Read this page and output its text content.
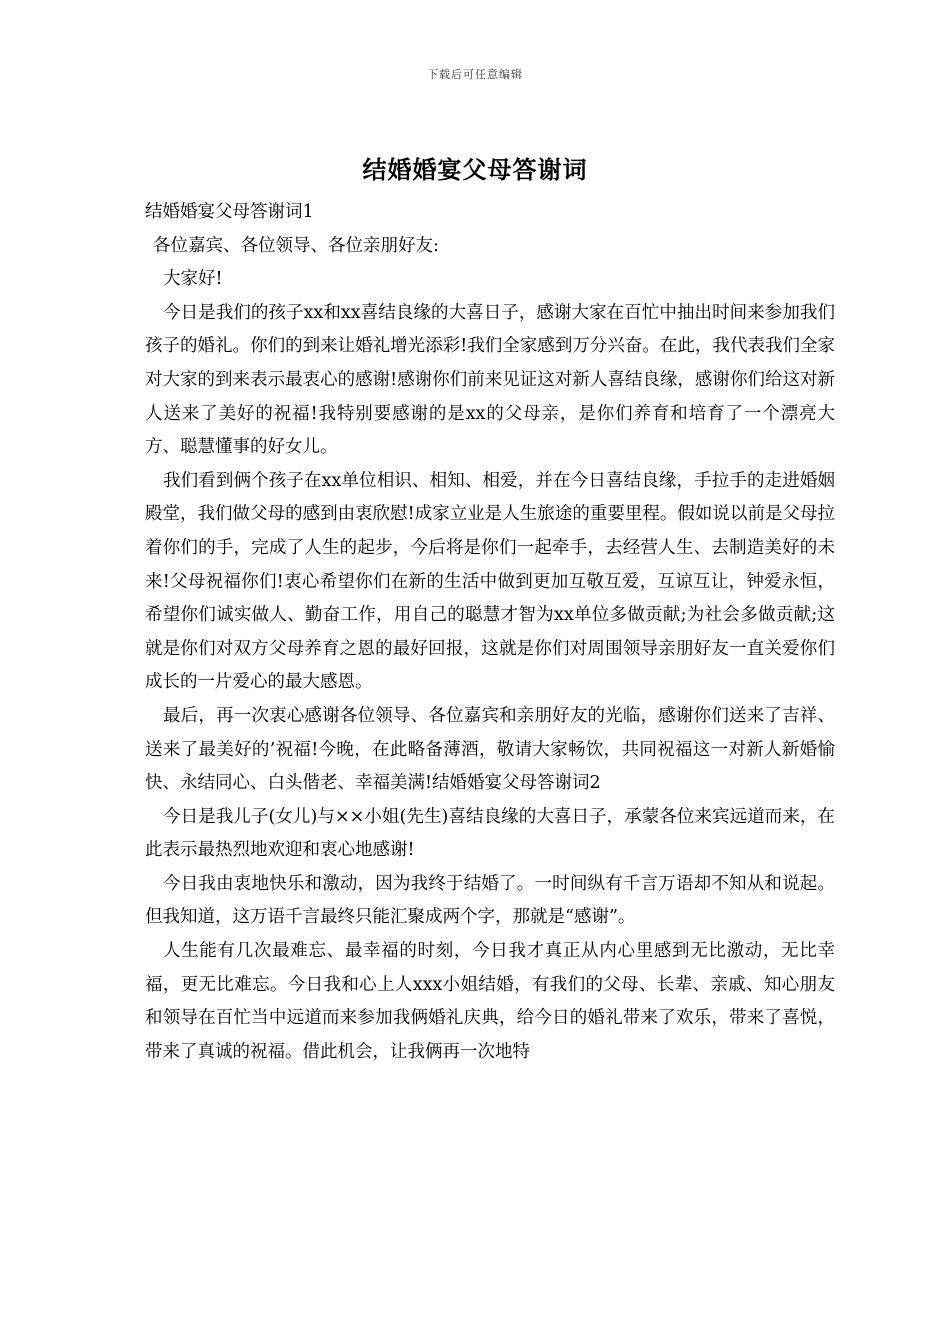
下载后可任意编辑
结婚婚宴父母答谢词

结婚婚宴父母答谢词1

各位嘉宾、各位领导、各位亲朋好友:

大家好!

今日是我们的孩子xx和xx喜结良缘的大喜日子，感谢大家在百忙中抽出时间来参加我们孩子的婚礼。你们的到来让婚礼增光添彩!我们全家感到万分兴奋。在此，我代表我们全家对大家的到来表示最衷心的感谢!感谢你们前来见证这对新人喜结良缘，感谢你们给这对新人送来了美好的祝福!我特别要感谢的是xx的父母亲，是你们养育和培育了一个漂亮大方、聪慧懂事的好女儿。

我们看到俩个孩子在xx单位相识、相知、相爱，并在今日喜结良缘，手拉手的走进婚姻殿堂，我们做父母的感到由衷欣慰!成家立业是人生旅途的重要里程。假如说以前是父母拉着你们的手，完成了人生的起步，今后将是你们一起牵手，去经营人生、去制造美好的未来!父母祝福你们!衷心希望你们在新的生活中做到更加互敬互爱，互谅互让，钟爱永恒，希望你们诚实做人、勤奋工作，用自己的聪慧才智为xx单位多做贡献;为社会多做贡献;这就是你们对双方父母养育之恩的最好回报，这就是你们对周围领导亲朋好友一直关爱你们成长的一片爱心的最大感恩。

最后，再一次衷心感谢各位领导、各位嘉宾和亲朋好友的光临，感谢你们送来了吉祥、送来了最美好的’祝福!今晚，在此略备薄酒，敬请大家畅饮，共同祝福这一对新人新婚愉快、永结同心、白头偕老、幸福美满!结婚婚宴父母答谢词2

今日是我儿子(女儿)与××小姐(先生)喜结良缘的大喜日子，承蒙各位来宾远道而来，在此表示最热烈地欢迎和衷心地感谢!

今日我由衷地快乐和激动，因为我终于结婚了。一时间纵有千言万语却不知从和说起。但我知道，这万语千言最终只能汇聚成两个字，那就是“感谢”。

人生能有几次最难忘、最幸福的时刻，今日我才真正从内心里感到无比激动，无比幸福，更无比难忘。今日我和心上人xxx小姐结婚，有我们的父母、长辈、亲戚、知心朋友和领导在百忙当中远道而来参加我俩婚礼庆典，给今日的婚礼带来了欢乐，带来了喜悦，带来了真诚的祝福。借此机会，让我俩再一次地特
